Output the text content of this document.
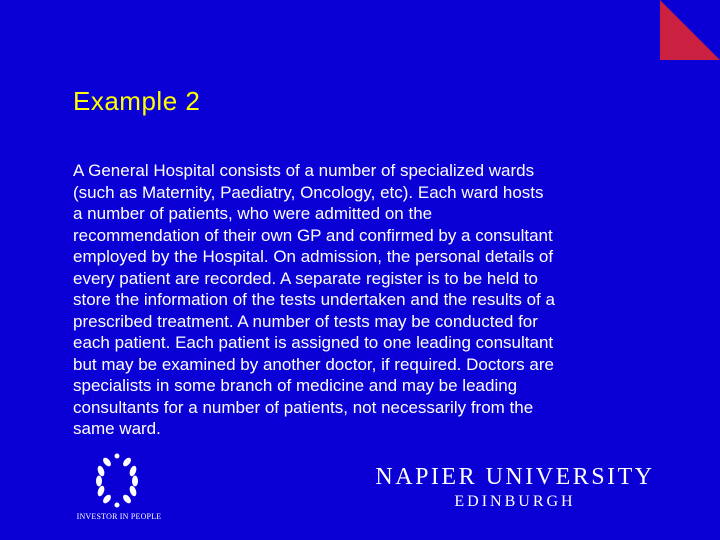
Example 2
A General Hospital consists of a number of specialized wards
(such as Maternity, Paediatry, Oncology, etc). Each ward hosts
a number of patients, who were admitted on the
recommendation of their own GP and confirmed by a consultant
employed by the Hospital. On admission, the personal details of
every patient are recorded. A separate register is to be held to
store the information of the tests undertaken and the results of a
prescribed treatment. A number of tests may be conducted for
each patient. Each patient is assigned to one leading consultant
but may be examined by another doctor, if required. Doctors are
specialists in some branch of medicine and may be leading
consultants for a number of patients, not necessarily from the
same ward.
INVESTOR IN PEOPLE
NAPIER UNIVERSITY
EDINBURGH
